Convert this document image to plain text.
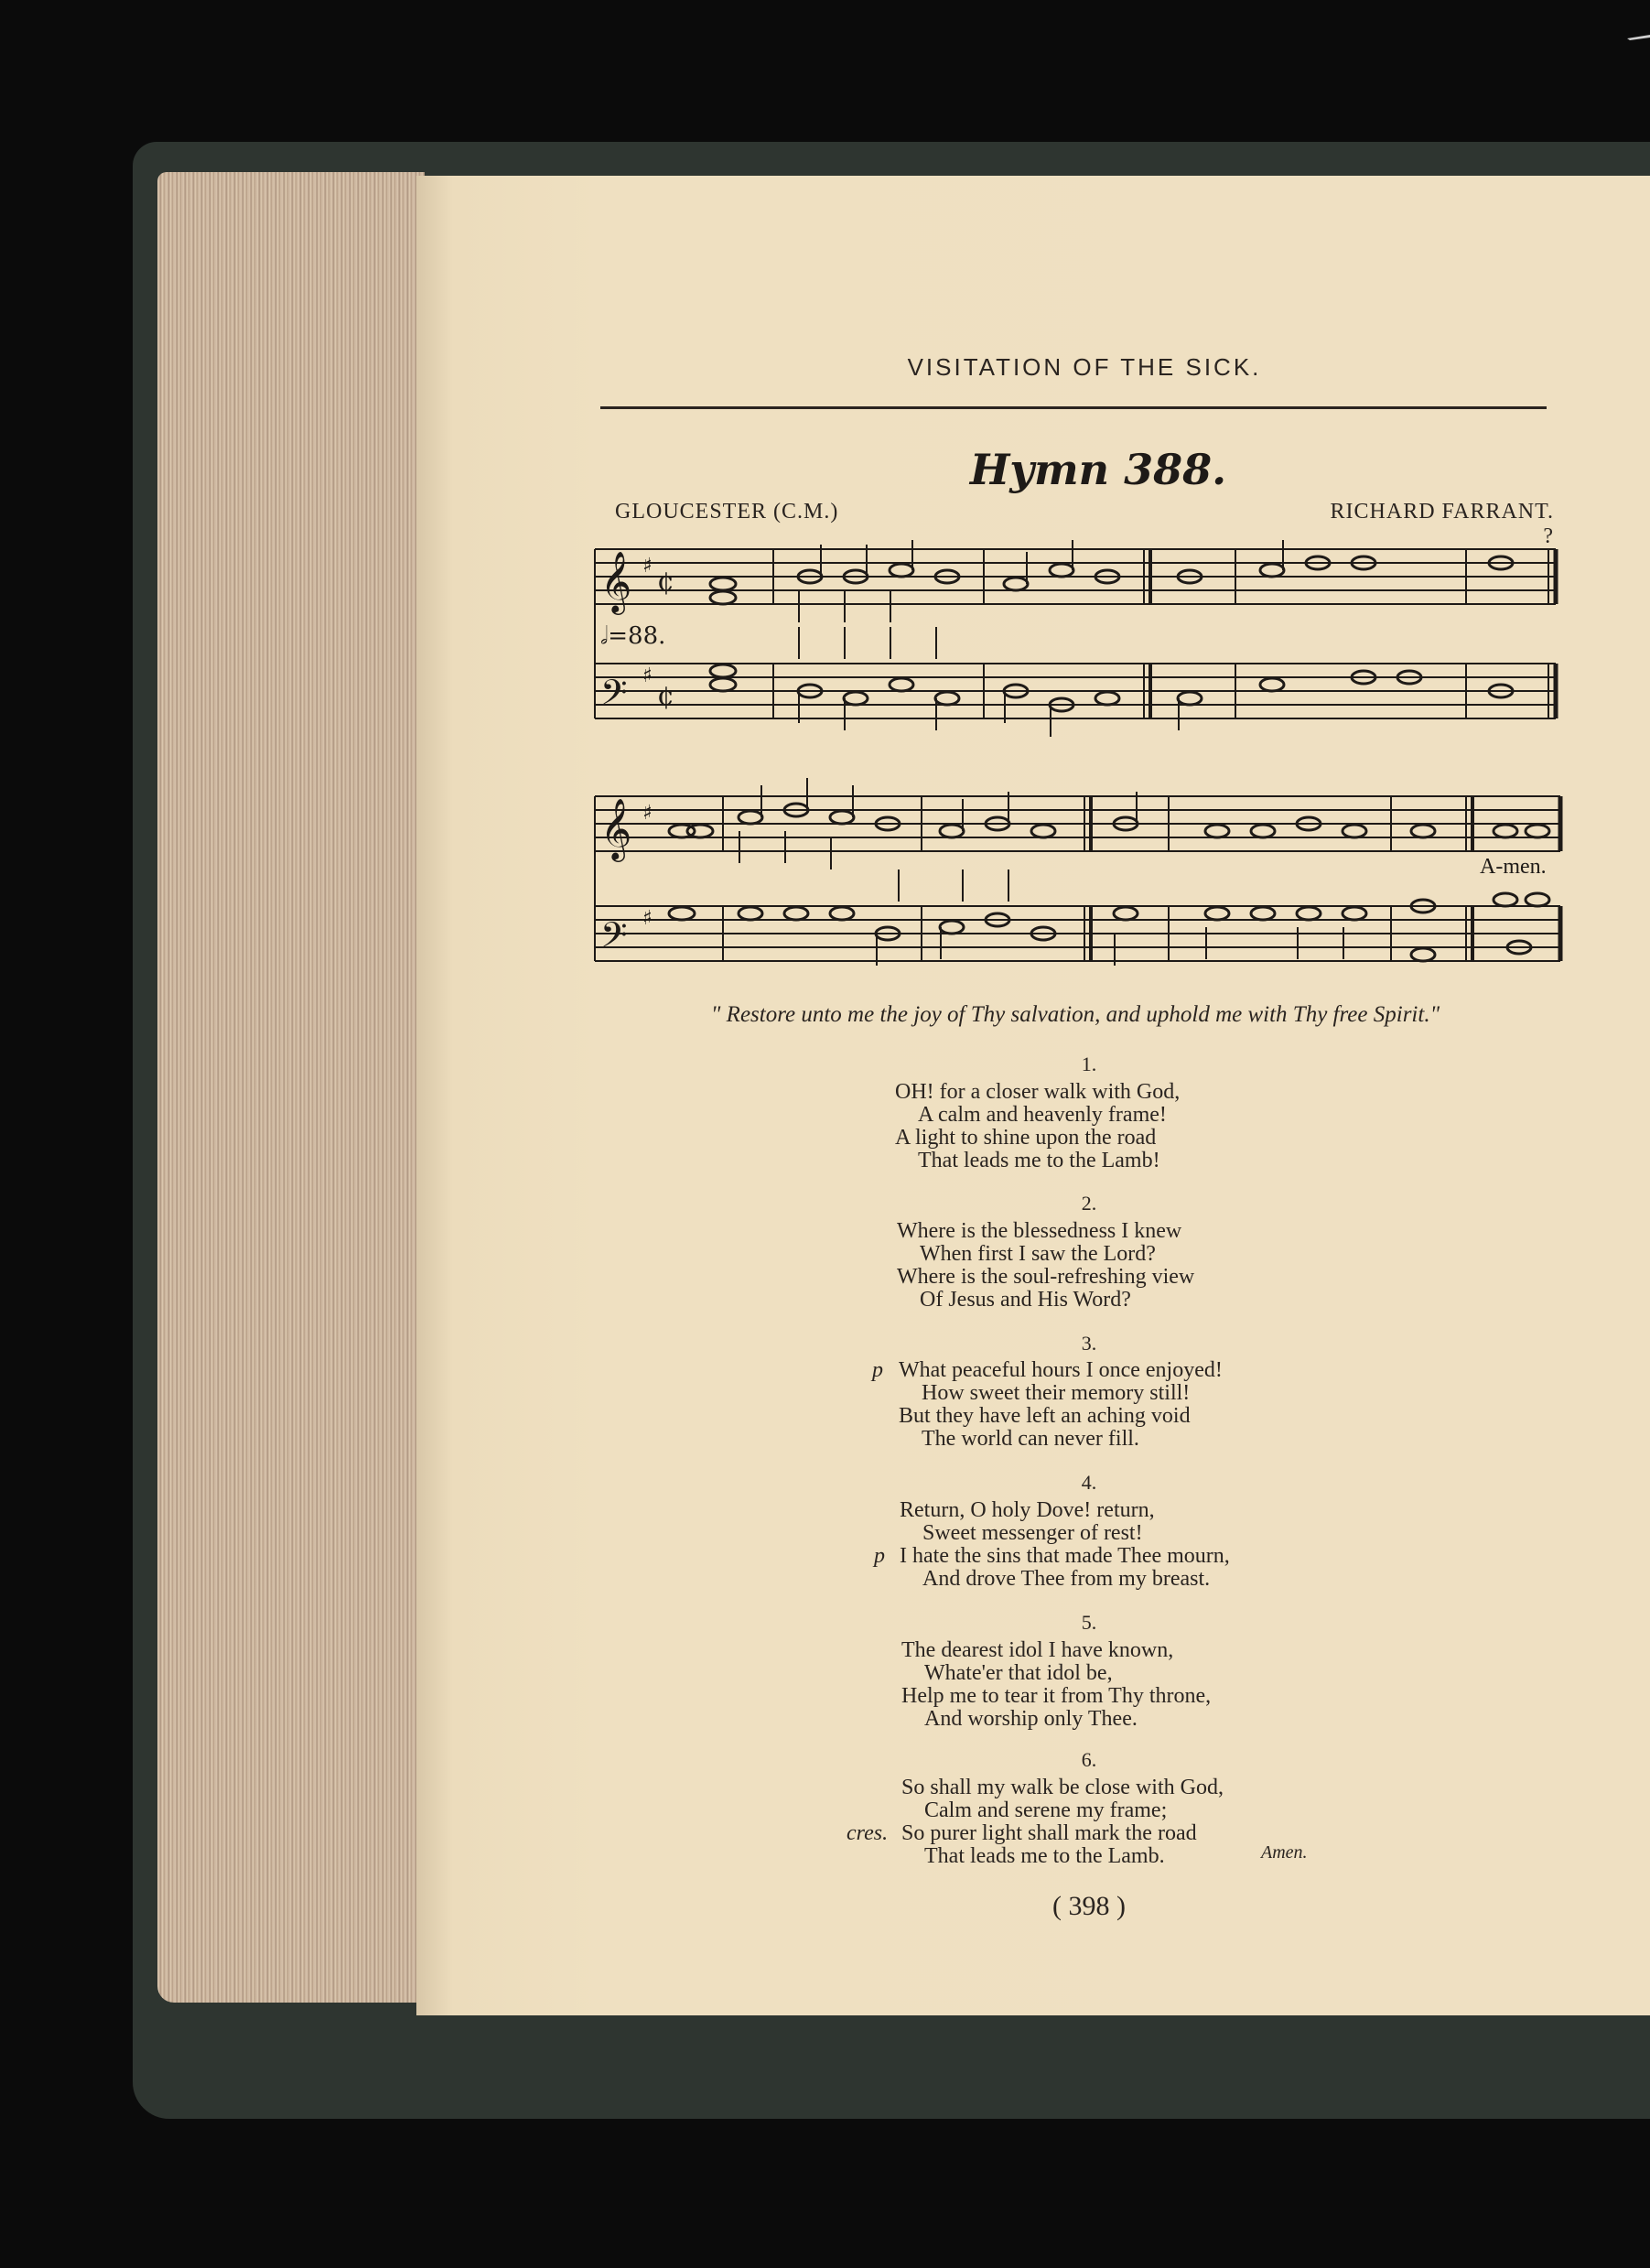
VISITATION OF THE SICK.
Hymn 388.
GLOUCESTER (C.M.)	RICHARD FARRANT. ?
𝄞 ♯ ¢
𝄢 ♯
¢
𝅗𝅥=88.
𝄞 ♯
𝄢 ♯
A-men.
" Restore unto me the joy of Thy salvation, and uphold me with Thy free Spirit."
1.
OH! for a closer walk with God,
A calm and heavenly frame!
A light to shine upon the road
That leads me to the Lamb!
2.
Where is the blessedness I knew
When first I saw the Lord?
Where is the soul-refreshing view
Of Jesus and His Word?
3.
p What peaceful hours I once enjoyed!
How sweet their memory still!
But they have left an aching void
The world can never fill.
4.
Return, O holy Dove! return,
Sweet messenger of rest!
p I hate the sins that made Thee mourn,
And drove Thee from my breast.
5.
The dearest idol I have known,
Whate'er that idol be,
Help me to tear it from Thy throne,
And worship only Thee.
6.
So shall my walk be close with God,
Calm and serene my frame;
cres. So purer light shall mark the road
That leads me to the Lamb.	Amen.
( 398 )
